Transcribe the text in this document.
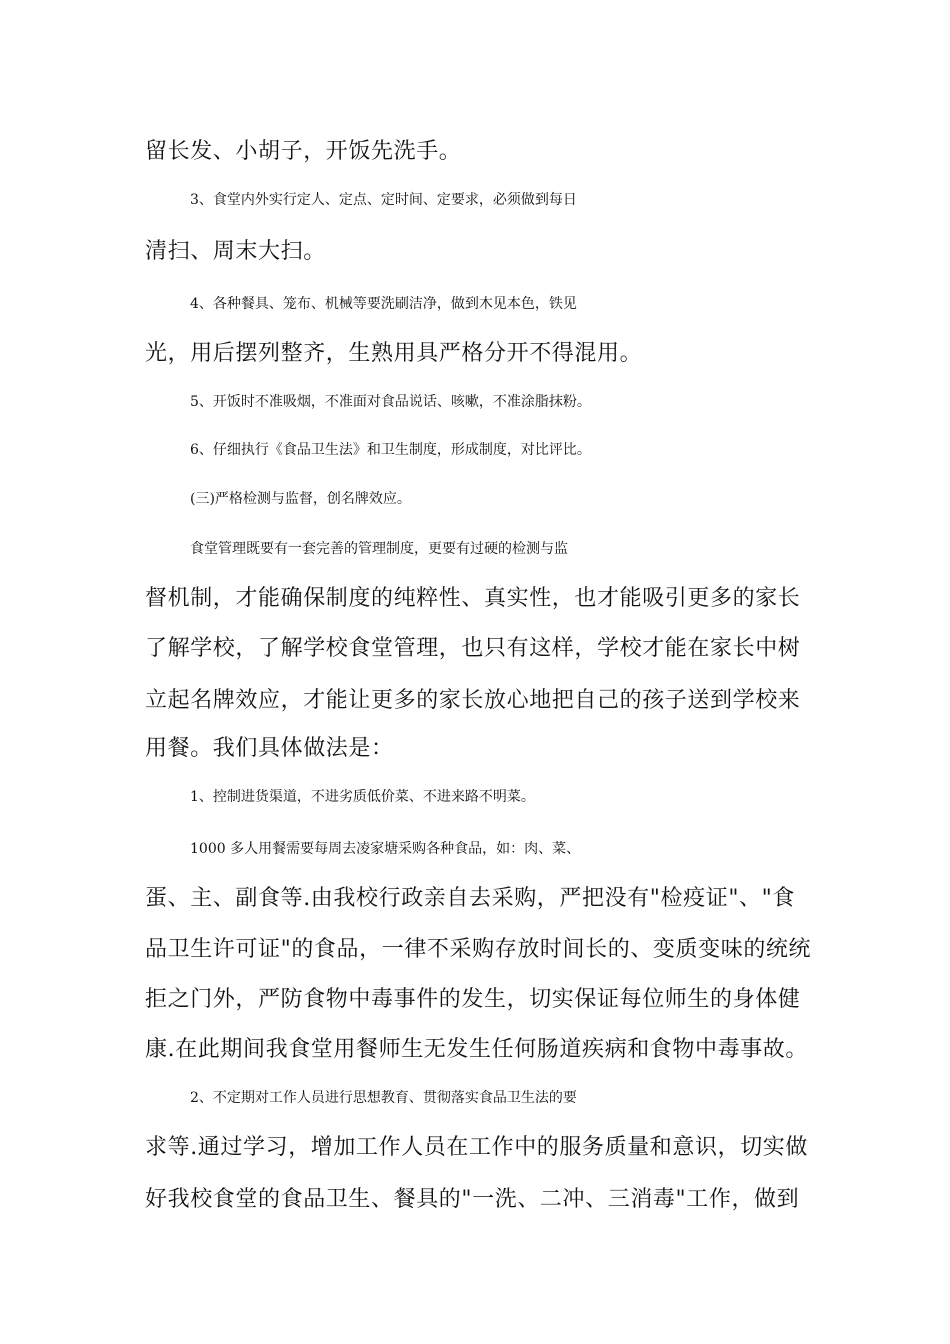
留长发、小胡子，开饭先洗手。
3、食堂内外实行定人、定点、定时间、定要求，必须做到每日
清扫、周末大扫。
4、各种餐具、笼布、机械等要洗刷洁净，做到木见本色，铁见
光，用后摆列整齐，生熟用具严格分开不得混用。
5、开饭时不准吸烟，不准面对食品说话、咳嗽，不准涂脂抹粉。
6、仔细执行《食品卫生法》和卫生制度，形成制度，对比评比。
(三)严格检测与监督，创名牌效应。
食堂管理既要有一套完善的管理制度，更要有过硬的检测与监
督机制，才能确保制度的纯粹性、真实性，也才能吸引更多的家长
了解学校，了解学校食堂管理，也只有这样，学校才能在家长中树
立起名牌效应，才能让更多的家长放心地把自己的孩子送到学校来
用餐。我们具体做法是：
1、控制进货渠道，不进劣质低价菜、不进来路不明菜。
1000 多人用餐需要每周去凌家塘采购各种食品，如：肉、菜、
蛋、主、副食等.由我校行政亲自去采购，严把没有"检疫证"、"食
品卫生许可证"的食品，一律不采购存放时间长的、变质变味的统统
拒之门外，严防食物中毒事件的发生，切实保证每位师生的身体健
康.在此期间我食堂用餐师生无发生任何肠道疾病和食物中毒事故。
2、不定期对工作人员进行思想教育、贯彻落实食品卫生法的要
求等.通过学习，增加工作人员在工作中的服务质量和意识，切实做
好我校食堂的食品卫生、餐具的"一洗、二冲、三消毒"工作，做到
